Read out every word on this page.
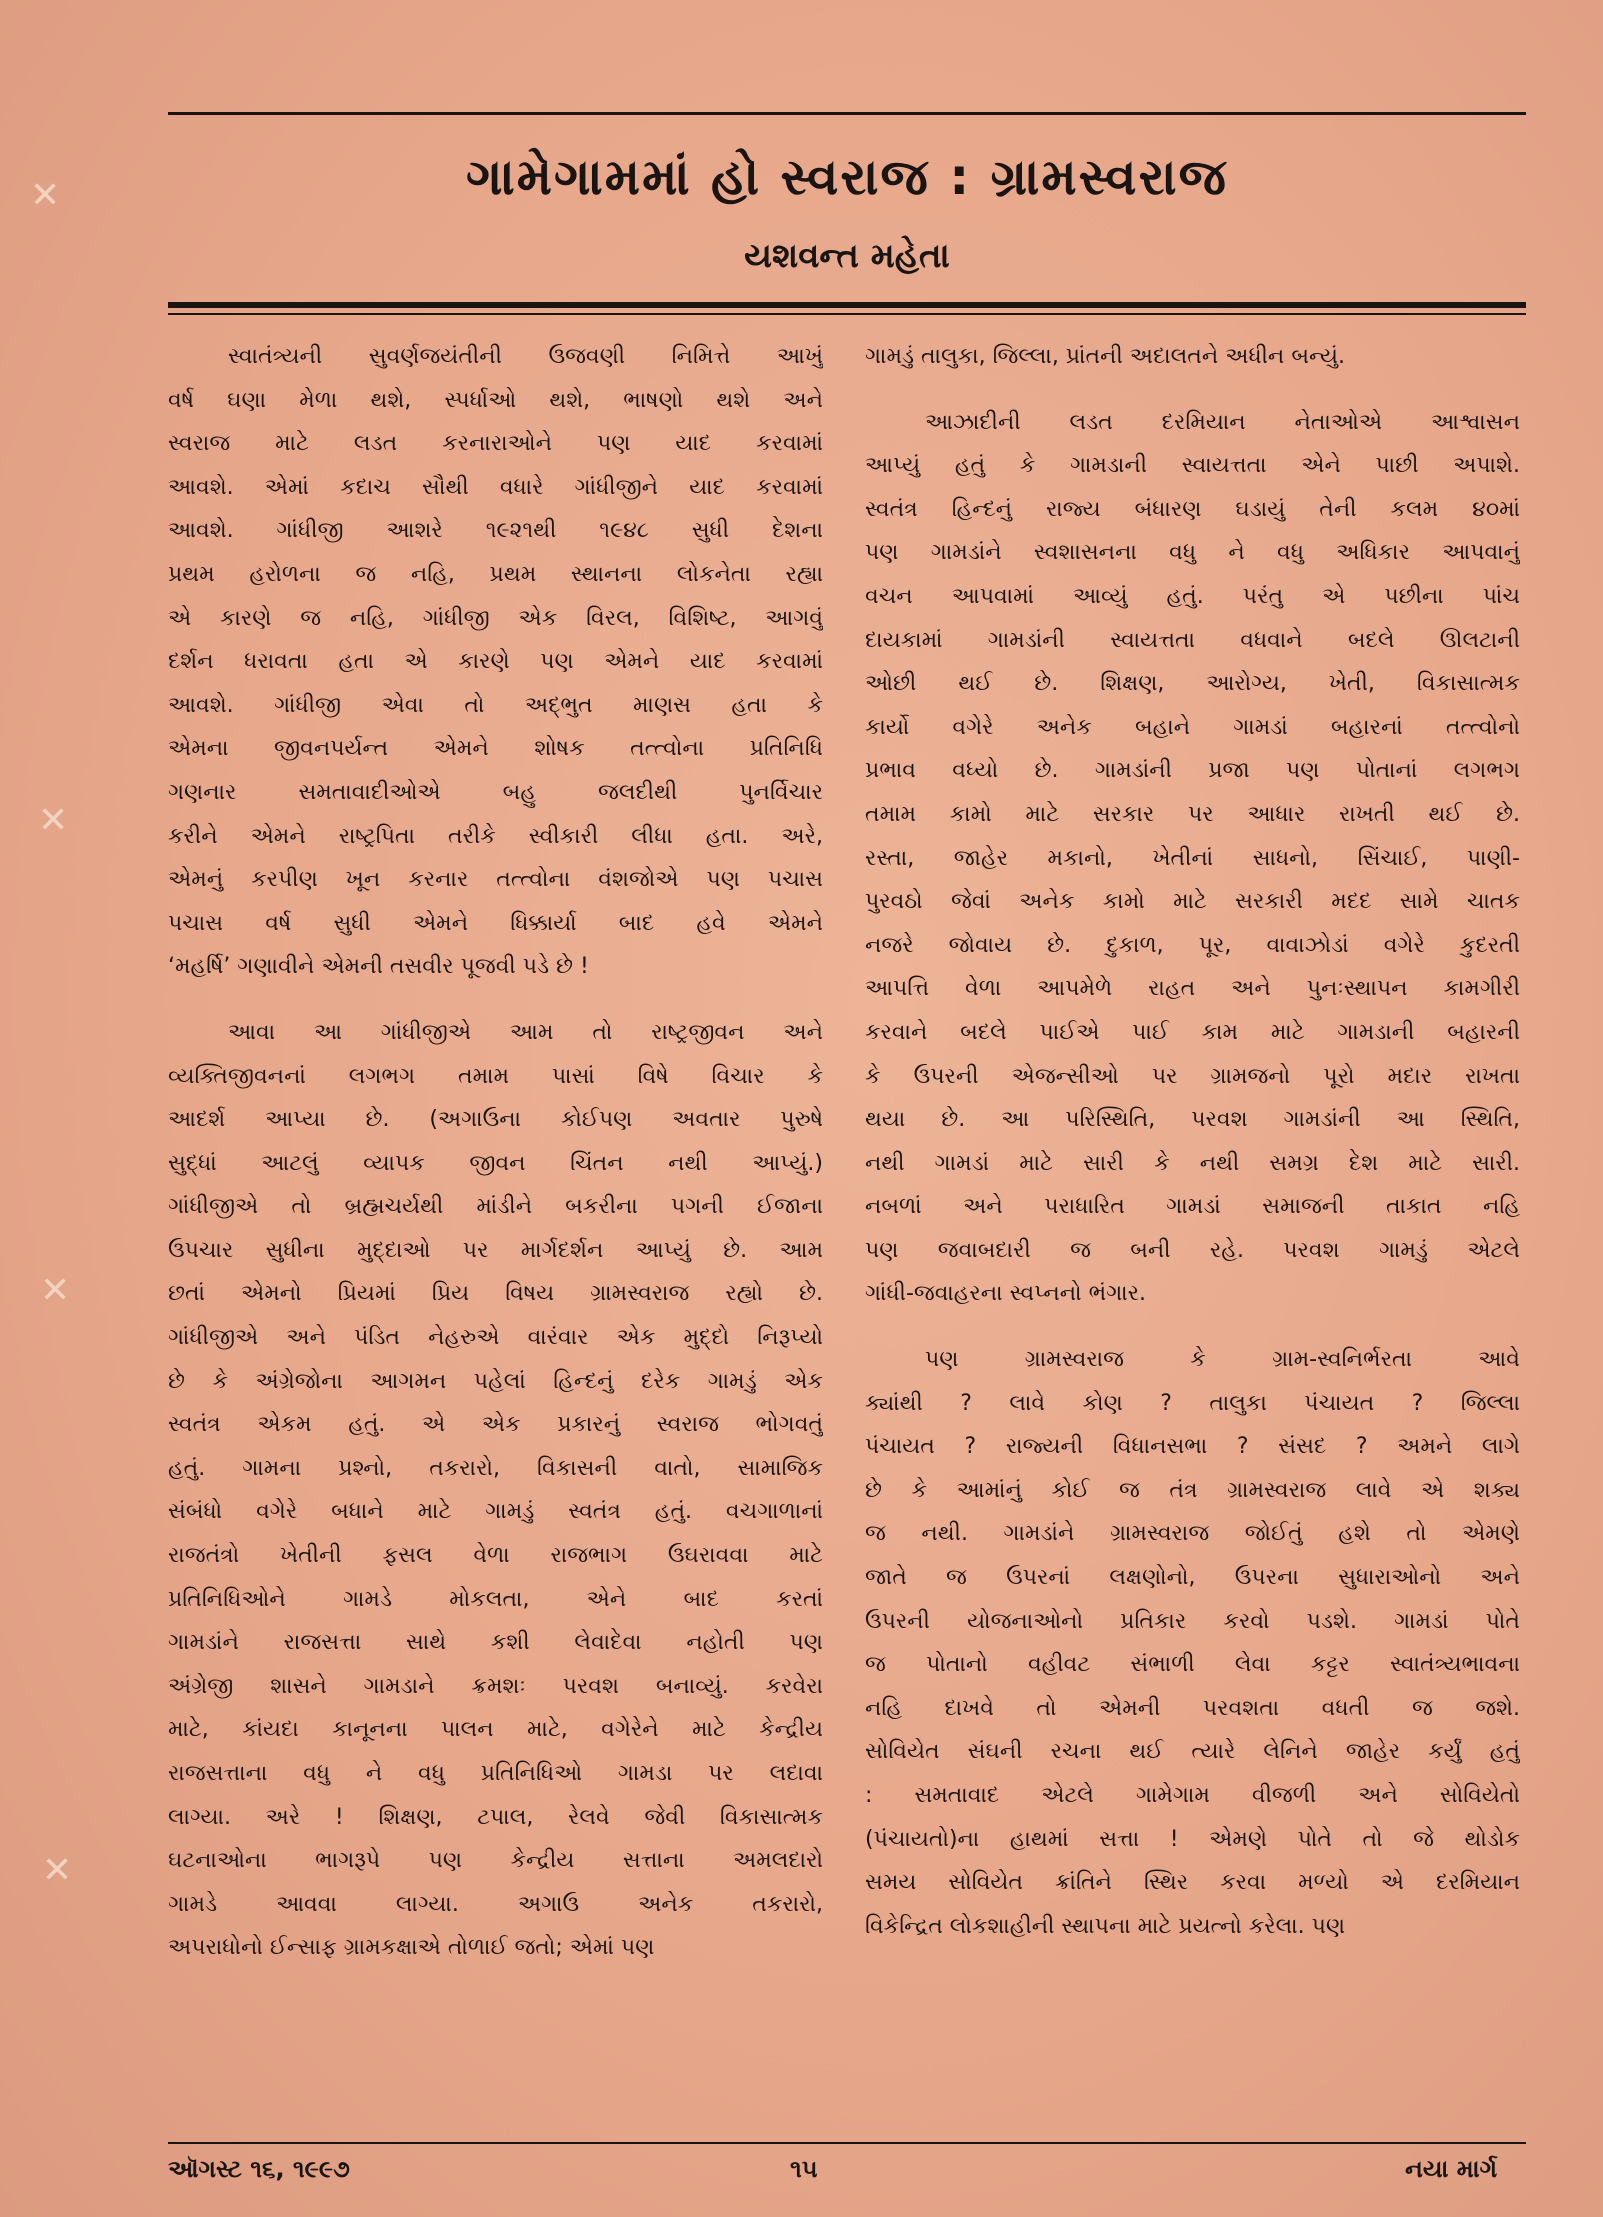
✕
✕
✕
✕
ગામેગામમાં હો સ્વરાજ : ગ્રામસ્વરાજ
યશવન્ત મહેતા
સ્વાતંત્ર્યની સુવર્ણજયંતીની ઉજવણી નિમિત્તે આખું
વર્ષ ઘણા મેળા થશે, સ્પર્ધાઓ થશે, ભાષણો થશે અને
સ્વરાજ માટે લડત કરનારાઓને પણ યાદ કરવામાં
આવશે. એમાં કદાચ સૌથી વધારે ગાંધીજીને યાદ કરવામાં
આવશે. ગાંધીજી આશરે ૧૯૨૧થી ૧૯૪૮ સુધી દેશના
પ્રથમ હરોળના જ નહિ, પ્રથમ સ્થાનના લોકનેતા રહ્યા
એ કારણે જ નહિ, ગાંધીજી એક વિરલ, વિશિષ્ટ, આગવું
દર્શન ધરાવતા હતા એ કારણે પણ એમને યાદ કરવામાં
આવશે. ગાંધીજી એવા તો અદ્ભુત માણસ હતા કે
એમના જીવનપર્યન્ત એમને શોષક તત્ત્વોના પ્રતિનિધિ
ગણનાર સમતાવાદીઓએ બહુ જલદીથી પુનર્વિચાર
કરીને એમને રાષ્ટ્રપિતા તરીકે સ્વીકારી લીધા હતા. અરે,
એમનું કરપીણ ખૂન કરનાર તત્ત્વોના વંશજોએ પણ પચાસ
પચાસ વર્ષ સુધી એમને ધિક્કાર્યા બાદ હવે એમને
‘મહર્ષિ’ ગણાવીને એમની તસવીર પૂજવી પડે છે !
આવા આ ગાંધીજીએ આમ તો રાષ્ટ્રજીવન અને
વ્યક્તિજીવનનાં લગભગ તમામ પાસાં વિષે વિચાર કે
આદર્શ આપ્યા છે. (અગાઉના કોઈપણ અવતાર પુરુષે
સુદ્ધાં આટલું વ્યાપક જીવન ચિંતન નથી આપ્યું.)
ગાંધીજીએ તો બ્રહ્મચર્યથી માંડીને બકરીના પગની ઈજાના
ઉપચાર સુધીના મુદ્દાઓ પર માર્ગદર્શન આપ્યું છે. આમ
છતાં એમનો પ્રિયમાં પ્રિય વિષય ગ્રામસ્વરાજ રહ્યો છે.
ગાંધીજીએ અને પંડિત નેહરુએ વારંવાર એક મુદ્દો નિરૂપ્યો
છે કે અંગ્રેજોના આગમન પહેલાં હિન્દનું દરેક ગામડું એક
સ્વતંત્ર એકમ હતું. એ એક પ્રકારનું સ્વરાજ ભોગવતું
હતું. ગામના પ્રશ્નો, તકરારો, વિકાસની વાતો, સામાજિક
સંબંધો વગેરે બધાને માટે ગામડું સ્વતંત્ર હતું. વચગાળાનાં
રાજતંત્રો ખેતીની ફસલ વેળા રાજભાગ ઉઘરાવવા માટે
પ્રતિનિધિઓને ગામડે મોકલતા, એને બાદ કરતાં
ગામડાંને રાજસત્તા સાથે કશી લેવાદેવા નહોતી પણ
અંગ્રેજી શાસને ગામડાને ક્રમશઃ પરવશ બનાવ્યું. કરવેરા
માટે, કાંયદા કાનૂનના પાલન માટે, વગેરેને માટે કેન્દ્રીય
રાજસત્તાના વધુ ને વધુ પ્રતિનિધિઓ ગામડા પર લદાવા
લાગ્યા. અરે ! શિક્ષણ, ટપાલ, રેલવે જેવી વિકાસાત્મક
ઘટનાઓના ભાગરૂપે પણ કેન્દ્રીય સત્તાના અમલદારો
ગામડે આવવા લાગ્યા. અગાઉ અનેક તકરારો,
અપરાધોનો ઈન્સાફ ગ્રામકક્ષાએ તોળાઈ જતો; એમાં પણ
ગામડું તાલુકા, જિલ્લા, પ્રાંતની અદાલતને અધીન બન્યું.
આઝાદીની લડત દરમિયાન નેતાઓએ આશ્વાસન
આપ્યું હતું કે ગામડાની સ્વાયત્તતા એને પાછી અપાશે.
સ્વતંત્ર હિન્દનું રાજ્ય બંધારણ ઘડાયું તેની કલમ ૪૦માં
પણ ગામડાંને સ્વશાસનના વધુ ને વધુ અધિકાર આપવાનું
વચન આપવામાં આવ્યું હતું. પરંતુ એ પછીના પાંચ
દાયકામાં ગામડાંની સ્વાયત્તતા વધવાને બદલે ઊલટાની
ઓછી થઈ છે. શિક્ષણ, આરોગ્ય, ખેતી, વિકાસાત્મક
કાર્યો વગેરે અનેક બહાને ગામડાં બહારનાં તત્ત્વોનો
પ્રભાવ વધ્યો છે. ગામડાંની પ્રજા પણ પોતાનાં લગભગ
તમામ કામો માટે સરકાર પર આધાર રાખતી થઈ છે.
રસ્તા, જાહેર મકાનો, ખેતીનાં સાધનો, સિંચાઈ, પાણી-
પુરવઠો જેવાં અનેક કામો માટે સરકારી મદદ સામે ચાતક
નજરે જોવાય છે. દુકાળ, પૂર, વાવાઝોડાં વગેરે કુદરતી
આપત્તિ વેળા આપમેળે રાહત અને પુનઃસ્થાપન કામગીરી
કરવાને બદલે પાઈએ પાઈ કામ માટે ગામડાની બહારની
કે ઉપરની એજન્સીઓ પર ગ્રામજનો પૂરો મદાર રાખતા
થયા છે. આ પરિસ્થિતિ, પરવશ ગામડાંની આ સ્થિતિ,
નથી ગામડાં માટે સારી કે નથી સમગ્ર દેશ માટે સારી.
નબળાં અને પરાધારિત ગામડાં સમાજની તાકાત નહિ
પણ જવાબદારી જ બની રહે. પરવશ ગામડું એટલે
ગાંધી-જવાહરના સ્વપ્નનો ભંગાર.
પણ ગ્રામસ્વરાજ કે ગ્રામ-સ્વનિર્ભરતા આવે
ક્યાંથી ? લાવે કોણ ? તાલુકા પંચાયત ? જિલ્લા
પંચાયત ? રાજ્યની વિધાનસભા ? સંસદ ? અમને લાગે
છે કે આમાંનું કોઈ જ તંત્ર ગ્રામસ્વરાજ લાવે એ શક્ય
જ નથી. ગામડાંને ગ્રામસ્વરાજ જોઈતું હશે તો એમણે
જાતે જ ઉપરનાં લક્ષણોનો, ઉપરના સુધારાઓનો અને
ઉપરની યોજનાઓનો પ્રતિકાર કરવો પડશે. ગામડાં પોતે
જ પોતાનો વહીવટ સંભાળી લેવા કટ્ટર સ્વાતંત્ર્યભાવના
નહિ દાખવે તો એમની પરવશતા વધતી જ જશે.
સોવિયેત સંઘની રચના થઈ ત્યારે લેનિને જાહેર કર્યું હતું
: સમતાવાદ એટલે ગામેગામ વીજળી અને સોવિયેતો
(પંચાયતો)ના હાથમાં સત્તા ! એમણે પોતે તો જે થોડોક
સમય સોવિયેત ક્રાંતિને સ્થિર કરવા મળ્યો એ દરમિયાન
વિકેન્દ્રિત લોકશાહીની સ્થાપના માટે પ્રયત્નો કરેલા. પણ
ઑગસ્ટ ૧૬, ૧૯૯૭	૧૫	નયા માર્ગ
